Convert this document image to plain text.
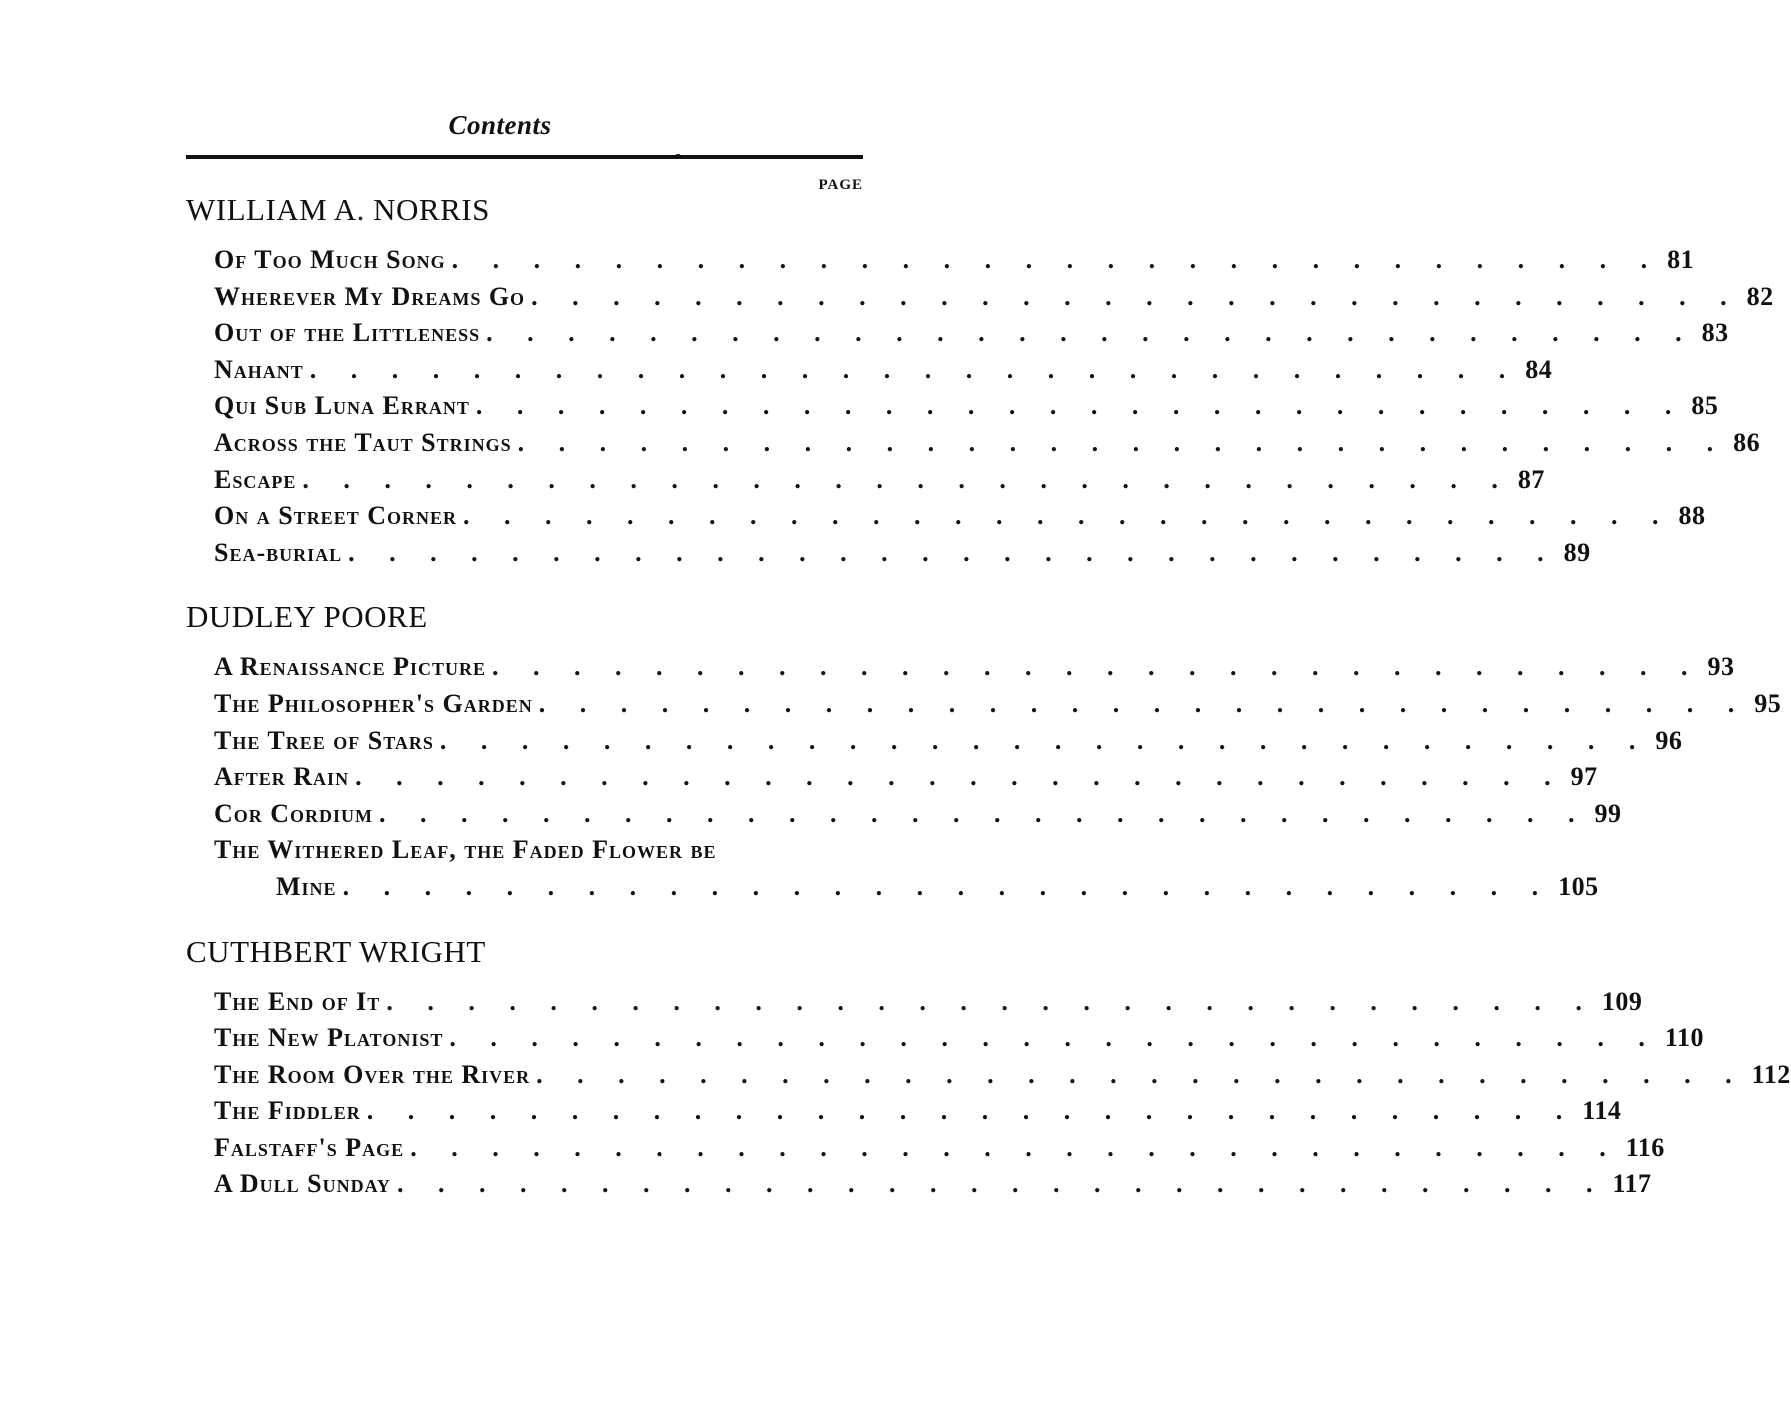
Contents
PAGE
WILLIAM A. NORRIS
Of Too Much Song . . . . . . . . . . . . . . . . . . . . . . . . . . . . . . 81
Wherever My Dreams Go . . . . . . . . . . . . . . . . . . . . . . . . . . . . . . 82
Out of the Littleness . . . . . . . . . . . . . . . . . . . . . . . . . . . . . . 83
Nahant . . . . . . . . . . . . . . . . . . . . . . . . . . . . . . 84
Qui Sub Luna Errant . . . . . . . . . . . . . . . . . . . . . . . . . . . . . . 85
Across the Taut Strings . . . . . . . . . . . . . . . . . . . . . . . . . . . . . . 86
Escape . . . . . . . . . . . . . . . . . . . . . . . . . . . . . . 87
On a Street Corner . . . . . . . . . . . . . . . . . . . . . . . . . . . . . . 88
Sea-burial . . . . . . . . . . . . . . . . . . . . . . . . . . . . . . 89
DUDLEY POORE
A Renaissance Picture . . . . . . . . . . . . . . . . . . . . . . . . . . . . . . 93
The Philosopher's Garden . . . . . . . . . . . . . . . . . . . . . . . . . . . . . . 95
The Tree of Stars . . . . . . . . . . . . . . . . . . . . . . . . . . . . . . 96
After Rain . . . . . . . . . . . . . . . . . . . . . . . . . . . . . . 97
Cor Cordium . . . . . . . . . . . . . . . . . . . . . . . . . . . . . . 99
The Withered Leaf, the Faded Flower be
Mine . . . . . . . . . . . . . . . . . . . . . . . . . . . . . . 105
CUTHBERT WRIGHT
The End of It . . . . . . . . . . . . . . . . . . . . . . . . . . . . . . 109
The New Platonist . . . . . . . . . . . . . . . . . . . . . . . . . . . . . . 110
The Room Over the River . . . . . . . . . . . . . . . . . . . . . . . . . . . . . . 112
The Fiddler . . . . . . . . . . . . . . . . . . . . . . . . . . . . . . 114
Falstaff's Page . . . . . . . . . . . . . . . . . . . . . . . . . . . . . . 116
A Dull Sunday . . . . . . . . . . . . . . . . . . . . . . . . . . . . . . 117
